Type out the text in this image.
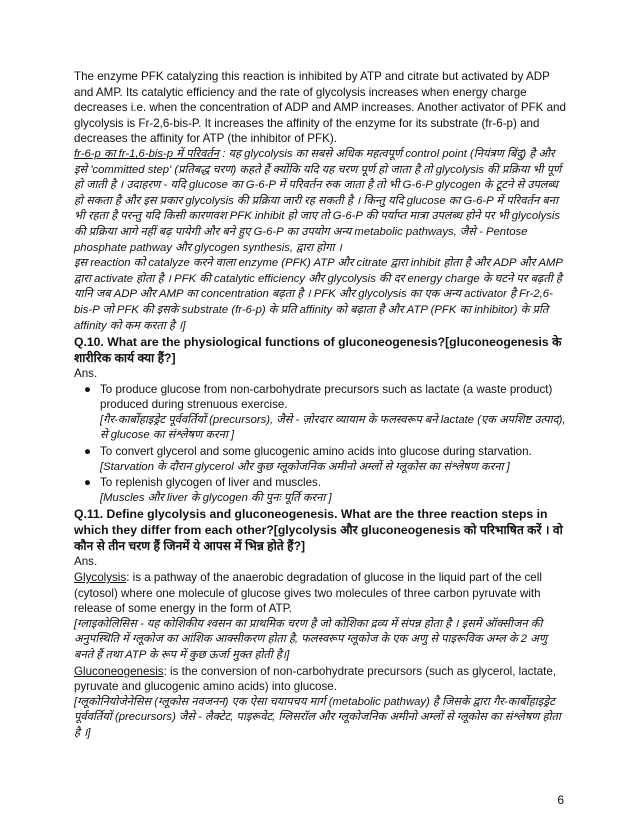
The enzyme PFK catalyzing this reaction is inhibited by ATP and citrate but activated by ADP and AMP. Its catalytic efficiency and the rate of glycolysis increases when energy charge decreases i.e. when the concentration of ADP and AMP increases. Another activator of PFK and glycolysis is Fr-2,6-bis-P. It increases the affinity of the enzyme for its substrate (fr-6-p) and decreases the affinity for ATP (the inhibitor of PFK).

fr-6-p का fr-1,6-bis-p में परिवर्तन : यह glycolysis का सबसे अधिक महत्वपूर्ण control point (नियंत्रण बिंदु) है और इसे 'committed step' (प्रतिबद्ध चरण) कहते हैं क्योंकि यदि यह चरण पूर्ण हो जाता है तो glycolysis की प्रक्रिया भी पूर्ण हो जाती है । उदाहरण - यदि glucose का G-6-P में परिवर्तन रुक जाता है तो भी G-6-P glycogen के टूटने से उपलब्ध हो सकता है और इस प्रकार glycolysis की प्रक्रिया जारी रह सकती है । किन्तु यदि glucose का G-6-P में परिवर्तन बना भी रहता है परन्तु यदि किसी कारणवश PFK inhibit हो जाए तो G-6-P की पर्याप्त मात्रा उपलब्ध होने पर भी glycolysis की प्रक्रिया आगे नहीं बढ़ पायेगी और बने हुए G-6-P का उपयोग अन्य metabolic pathways, जैसे - Pentose phosphate pathway और glycogen synthesis, द्वारा होगा ।

इस reaction को catalyze करने वाला enzyme (PFK) ATP और citrate द्वारा inhibit होता है और ADP और AMP द्वारा activate होता है । PFK की catalytic efficiency और glycolysis की दर energy charge के घटने पर बढ़ती है यानि जब ADP और AMP का concentration बढ़ता है । PFK और glycolysis का एक अन्य activator है Fr-2,6-bis-P जो PFK की इसके substrate (fr-6-p) के प्रति affinity को बढ़ाता है और ATP (PFK का inhibitor) के प्रति affinity को कम करता है ।]

Q.10. What are the physiological functions of gluconeogenesis?[gluconeogenesis के शारीरिक कार्य क्या हैं?]

Ans.

● To produce glucose from non-carbohydrate precursors such as lactate (a waste product) produced during strenuous exercise.

[गैर-कार्बोहाइड्रेट पूर्ववर्तियों (precursors), जैसे - ज़ोरदार व्यायाम के फलस्वरूप बने lactate (एक अपशिष्ट उत्पाद), से glucose का संश्लेषण करना ]

● To convert glycerol and some glucogenic amino acids into glucose during starvation.

[Starvation के दौरान glycerol और कुछ ग्लूकोजनिक अमीनो अम्लों से ग्लूकोस का संश्लेषण करना ]

● To replenish glycogen of liver and muscles.

[Muscles और liver के glycogen की पुनः पूर्ति करना ]

Q.11. Define glycolysis and gluconeogenesis. What are the three reaction steps in which they differ from each other?[glycolysis और gluconeogenesis को परिभाषित करें । वो कौन से तीन चरण हैं जिनमें ये आपस में भिन्न होते हैं?]

Ans.

Glycolysis: is a pathway of the anaerobic degradation of glucose in the liquid part of the cell (cytosol) where one molecule of glucose gives two molecules of three carbon pyruvate with release of some energy in the form of ATP.

[ग्लाइकोलिसिस - यह कोशिकीय श्वसन का प्राथमिक चरण है जो कोशिका द्रव्य में संपन्न होता है । इसमें ऑक्सीजन की अनुपस्थिति में ग्लूकोज का आंशिक आक्सीकरण होता है, फलस्वरूप ग्लूकोज के एक अणु से पाइरूविक अम्ल के 2 अणु बनते हैं तथा ATP के रूप में कुछ ऊर्जा मुक्त होती है।]

Gluconeogenesis: is the conversion of non-carbohydrate precursors (such as glycerol, lactate, pyruvate and glucogenic amino acids) into glucose.

[ग्लूकोनियोजेनेसिस (ग्लूकोस नवजनन) एक ऐसा चयापचय मार्ग (metabolic pathway) है जिसके द्वारा गैर-कार्बोहाइड्रेट पूर्ववर्तियों (precursors) जैसे - लैक्टेट, पाइरूवेट, ग्लिसरॉल और ग्लूकोजनिक अमीनो अम्लों से ग्लूकोस का संश्लेषण होता है ।]

6
